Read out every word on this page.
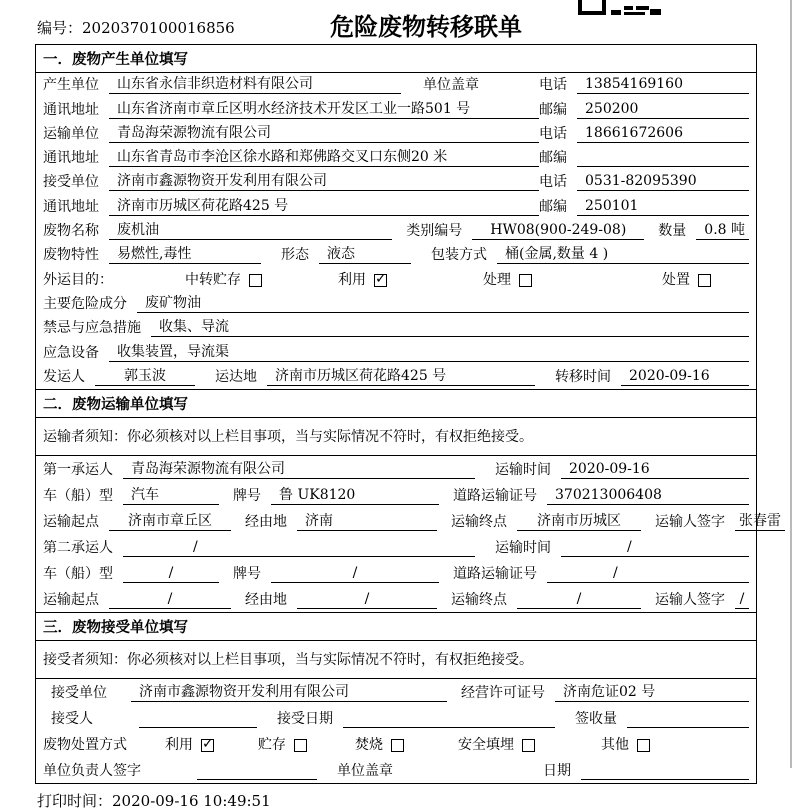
编号：2020370100016856	危险废物转移联单
一．废物产生单位填写
产生单位	山东省永信非织造材料有限公司	单位盖章	电话	13854169160
通讯地址	山东省济南市章丘区明水经济技术开发区工业一路501 号	邮编	250200
运输单位	青岛海荣源物流有限公司	电话	18661672606
通讯地址	山东省青岛市李沧区徐水路和郑佛路交叉口东侧20 米	邮编
接受单位	济南市鑫源物资开发利用有限公司	电话	0531-82095390
通讯地址	济南市历城区荷花路425 号	邮编	250101
废物名称	废机油	类别编号	HW08(900-249-08)	数量	0.8 吨
废物特性	易燃性,毒性	形态	液态	包装方式	桶(金属,数量 4 )
外运目的：	中转贮存	利用 ✓	处理	处置
主要危险成分	废矿物油
禁忌与应急措施	收集、导流
应急设备	收集装置，导流渠
发运人	郭玉波	运达地	济南市历城区荷花路425 号	转移时间	2020-09-16
二．废物运输单位填写
运输者须知：你必须核对以上栏目事项，当与实际情况不符时，有权拒绝接受。
第一承运人	青岛海荣源物流有限公司	运输时间	2020-09-16
车（船）型	汽车	牌号	鲁 UK8120	道路运输证号	370213006408
运输起点	济南市章丘区	经由地	济南	运输终点	济南市历城区	运输人签字	张春雷
第二承运人	/	运输时间	/
车（船）型	/	牌号	/	道路运输证号	/
运输起点	/	经由地	/	运输终点	/	运输人签字	/
三．废物接受单位填写
接受者须知：你必须核对以上栏目事项，当与实际情况不符时，有权拒绝接受。
接受单位	济南市鑫源物资开发利用有限公司	经营许可证号	济南危证02 号
接受人	接受日期	签收量
废物处置方式	利用 ✓	贮存	焚烧	安全填埋	其他
单位负责人签字	单位盖章	日期
打印时间：2020-09-16 10:49:51
